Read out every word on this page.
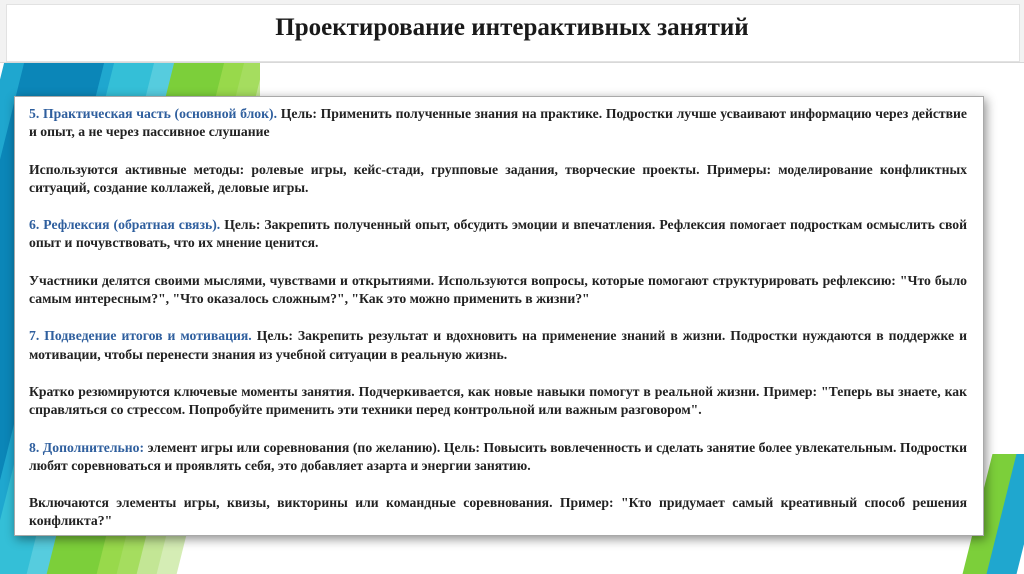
Проектирование интерактивных занятий

5. Практическая часть (основной блок). Цель: Применить полученные знания на практике. Подростки лучше усваивают информацию через действие и опыт, а не через пассивное слушание

Используются активные методы: ролевые игры, кейс-стади, групповые задания, творческие проекты. Примеры: моделирование конфликтных ситуаций, создание коллажей, деловые игры.

6. Рефлексия (обратная связь). Цель: Закрепить полученный опыт, обсудить эмоции и впечатления. Рефлексия помогает подросткам осмыслить свой опыт и почувствовать, что их мнение ценится.

Участники делятся своими мыслями, чувствами и открытиями. Используются вопросы, которые помогают структурировать рефлексию: "Что было самым интересным?", "Что оказалось сложным?", "Как это можно применить в жизни?"

7. Подведение итогов и мотивация. Цель: Закрепить результат и вдохновить на применение знаний в жизни. Подростки нуждаются в поддержке и мотивации, чтобы перенести знания из учебной ситуации в реальную жизнь.

Кратко резюмируются ключевые моменты занятия. Подчеркивается, как новые навыки помогут в реальной жизни. Пример: "Теперь вы знаете, как справляться со стрессом. Попробуйте применить эти техники перед контрольной или важным разговором".

8. Дополнительно: элемент игры или соревнования (по желанию). Цель: Повысить вовлеченность и сделать занятие более увлекательным. Подростки любят соревноваться и проявлять себя, это добавляет азарта и энергии занятию.

Включаются элементы игры, квизы, викторины или командные соревнования. Пример: "Кто придумает самый креативный способ решения конфликта?"
